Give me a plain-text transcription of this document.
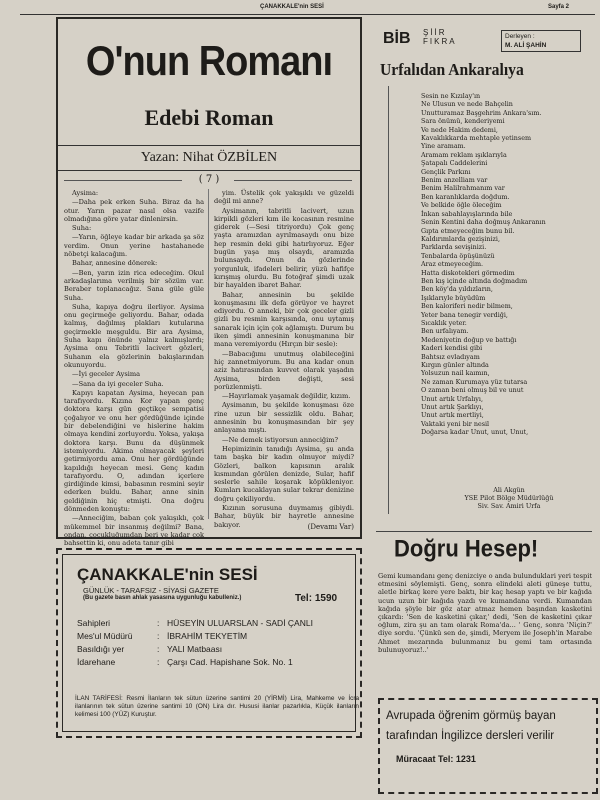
ÇANAKKALE'nin SESİ	Sayfa 2
O'nun Romanı
Edebi Roman
Yazan: Nihat ÖZBİLEN
( 7 )

Aysima:

—Daha pek erken Suha. Biraz da ha otur. Yarın pazar nasıl olsa vazife olmadığına göre yatar dinlenirsin.

Suha:

—Yarın, öğleye kadar bir arkada şa söz verdim. Onun yerine hastahanede nöbetçi kalacağım.

Bahar, annesine dönerek:

—Ben, yarın izin rica edeceğim. Okul arkadaşlarıma verilmiş bir sözüm var. Beraber toplanacağız. Sana güle güle Suha.

Suha, kapıya doğru ilerliyor. Aysima onu geçirmeğe geliyordu. Bahar, odada kalmış, dağılmış plakları kutularına geçirmekle meşguldu. Bir ara Aysima, Suha kapı önünde yalnız kalmışlardı; Aysima onu Tebritli lacivert gözleri, Suhanın ela gözlerinin bakışlarından okunuyordu.

—İyi geceler Aysima

—Sana da iyi geceler Suha.

Kapıyı kapatan Aysima, heyecan pan tarafıyordu. Kızına Kor yapan genç doktora karşı gün geçtikçe sempatisi çoğalıyor ve onu her gördüğünde içinde bir debelendiğini ve hislerine hakim olmaya kendini zorluyordu. Yoksa, yakışa doktora karşı. Bunu da düşünmek istemiyordu. Akima olmayacak şeyleri getirmiyordu ama. Onu her gördüğünde kapıldığı heyecan mesi. Genç kadın tarafıyordu. O, adından içerlere girdiğinde kimsi, babasının resmini seyir ederken buldu. Bahar, anne sinin geldiğinin hiç etmişti. Ona doğru dönmeden konuştu:

—Anneciğim, baban çok yakışıklı, çok mükemmel bir insanmış değilmi? Bana, ondan, çocukluğumdan beri ve kadar çok bahsettin ki, onu adeta tanır gibi

yim. Üstelik çok yakışıklı ve güzeldi değil mi anne?

Aysimanın, tabritli lacivert, uzun kirpikli gözleri kım ile kocasının resmine giderek (—Sesi titriyordu) Çok genç yaşta aramızdan ayrılmasaydı onu bize hep resmin deki gibi hatırlıyoruz. Eğer bugün yaşa mış olsaydı, aramızda bulunsaydı. Onun da gözlerinde yorgunluk, ifadeleri belirir, yüzü hafifçe kırışmış olurdu. Bu fotoğraf şimdi uzak bir hayalden ibaret Bahar.

Bahar, annesinin bu şekilde konuşmasını ilk defa görüyor ve hayret ediyordu. O anneki, bir çok geceler gizli gizli bu resmin karşısında, onu uytamış sanarak için için çok ağlamıştı. Durum bu iken şimdi annesinin konuşmanına bir mana veremiyordu (Hırçın bir sesle):

—Babacığımı unutmuş olabileceğini hiç zannetmiyorum. Bu ana kadar onun aziz hatırasından kuvvet olarak yaşadın Aysima, birden değişti, sesi porüzlenmişti.

—Hayırlamak yaşamak değildir, kızım.

Aysimanın, bu şekilde konuşması öze rine uzun bir sessizlik oldu. Bahar, annesinin bu konuşmasından bir şey anlayama mıştı.

—Ne demek istiyorsun anneciğim?

Hepimizinin tanıdığı Aysima, şu anda tam başka bir kadın olmuyor miydi? Gözleri, balkon kapısının aralık kısmından görülen denizde, Sular, hafif seslerle sahile koşarak köpükleniyor. Kumları kucaklayan sular tekrar denizine doğru çekiliyordu.

Kızının sorusuna duymamış gibiydi. Bahar, büyük bir hayretle annesine bakıyor.	(Devamı Var)
ÇANAKKALE'nin SESİ
GÜNLÜK - TARAFSIZ - SİYASİ GAZETE
(Bu gazete basın ahlak yasasına uygunluğu kabulleniz.)	Tel: 1590
Sahipleri	: HÜSEYİN ULUARSLAN - SADİ ÇANLI
Mes'ul Müdürü	: İBRAHİM TEKYETİM
Basıldığı yer	: YALI Matbaası
İdarehane	: Çarşı Cad. Hapishane Sok. No. 1
İLAN TARİFESİ: Resmi İlanların tek sütun üzerine santimi 20 (YİRMİ) Lira, Mahkeme ve İcra ilanlarının tek sütun üzerine santimi 10 (ON) Lira dır. Hususi ilanlar pazarlıkla, Küçük ilanların kelimesi 100 (YÜZ) Kuruştur.
BİB ŞİİR
FIKRA
Derleyen :
M. ALİ ŞAHİN
Urfalıdan Ankaralıya
Sesin ne Kızılay'ın
Ne Ulusun ve nede Bahçelin
Unutturamaz Başgehrim Ankara'sım.
Sara önümü, kenderiyemi
Ve nede Hakim dedemi,
Kavaklıkkarda mehtaple yetinsem
Yine aramam.
Aramam reklam ışıklarıyla
Şatapalı Caddelerini
Gençlik Parkını
Benim anzelliam var
Benim Halilrahmanım var
Ben karanlıklarda doğdum.
Ve belkide öğle öleceğim
İnkan sabahlayışlarında bile
Senin Kentini daha doğmuş Ankaranın
Gıpta etmeyeceğim bunu bil.
Kaldırımlarda gezişinizi,
Parklarda sevişinizi.
Tenbalarda öpüşünüzü
Araz etmeyeceğim.
Hatta diskotekleri görmedim
Ben kış içinde altında doğmadım
Ben köy'da yıldızların,
Işıklarıyle büyüdüm
Ben kaloriferi nedir bilmem,
Yeter bana tenegir verdiği,
Sıcaklık yeter.
Ben urfalıyam.
Medeniyetin doğup ve battığı
Kaderi kendisi gibi
Bahtsız evladıyam
Kırgın günler altında
Yolsuzun nail kaımın,
Ne zaman Kurumaya yüz tutarsa
O zaman beni olmuş bil ve unut
Unut artık Urfalıyı,
Unut artık Şarklıyı,
Unut artık mertliyi,
Vaktaki yeni bir nesil
Doğarsa kadar Unut, unut, Unut,
Ali Akgün
YSE Pilot Bölge Müdürlüğü
Siv. Sav. Amiri Urfa
Doğru Hesep!
Gemi kumandanı genç denizciye o anda bulunduklari yeri tespit etmesini söylemişti. Genç, sonra elindeki aleti güneşe tuttu, aletle birkaç kere yere baktı, bir kaç hesap yaptı ve bir kağıda ucun uzun bir kağıda yazdı ve kumandana verdi. Kumandan kağıda şöyle bir göz atar atmaz hemen başından kasketini çıkardı: 'Sen de kasketini çıkar,' dedi, 'Sen de kasketini çıkar oğlum, zira şu an tam olarak Roma'da... ' Genç, sonra 'Niçin?' diye sordu. 'Çünkü sen de, şimdi, Meryem ile Joseph'in Marabe Ahmet mezarında bulunmanız bu gemi tam ortasında bulunuyoruz!..'
Avrupada öğrenim görmüş bayan
tarafından İngilizce dersleri verilir
Müracaat Tel: 1231
